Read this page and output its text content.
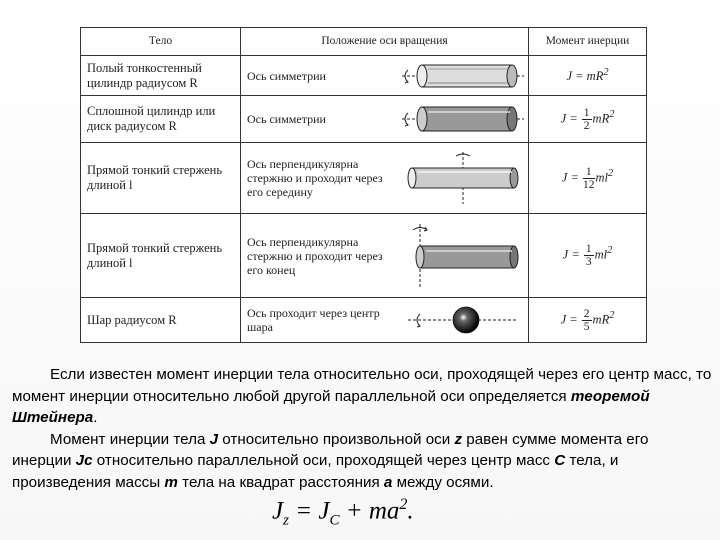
Тело	Положение оси вращения	Момент инерции
Полый тонкостенный цилиндр радиусом R	Ось симметрии	$J = mR^2$
Сплошной цилиндр или диск радиусом R	Ось симметрии	$J = \frac{1}{2} mR^2$
Прямой тонкий стержень длиной l	Ось перпендикулярна стержню и проходит через его середину	$J = \frac{1}{12} ml^2$
Прямой тонкий стержень длиной l	Ось перпендикулярна стержню и проходит через его конец	$J = \frac{1}{3} ml^2$
Шар радиусом R	Ось проходит через центр шара	$J = \frac{2}{5} mR^2$

Если известен момент инерции тела относительно оси, проходящей через его центр масс, то момент инерции относительно любой другой параллельной оси определяется теоремой Штейнера.

Момент инерции тела J относительно произвольной оси z равен сумме момента его инерции Jc относительно параллельной оси, проходящей через центр масс C тела, и произведения массы m тела на квадрат расстояния a между осями.

$J_z = J_C + ma^2$.
